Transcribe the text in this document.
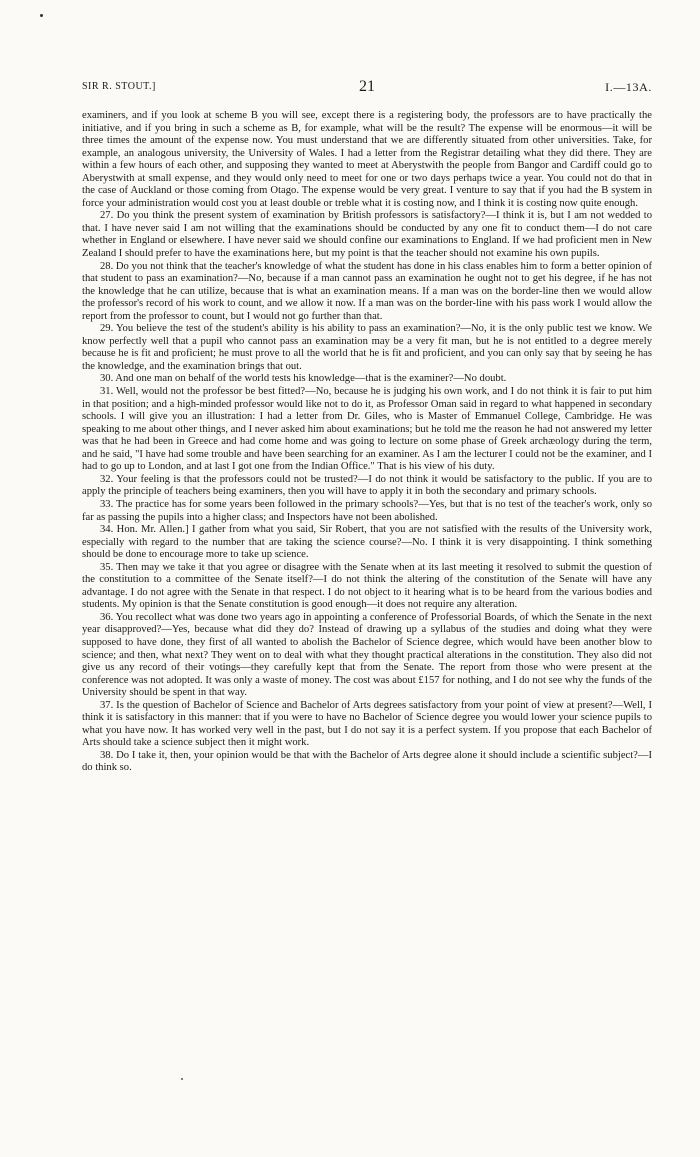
SIR R. STOUT.]	21	I.—13A.

examiners, and if you look at scheme B you will see, except there is a registering body, the professors are to have practically the initiative, and if you bring in such a scheme as B, for example, what will be the result? The expense will be enormous—it will be three times the amount of the expense now. You must understand that we are differently situated from other universities. Take, for example, an analogous university, the University of Wales. I had a letter from the Registrar detailing what they did there. They are within a few hours of each other, and supposing they wanted to meet at Aberystwith the people from Bangor and Cardiff could go to Aberystwith at small expense, and they would only need to meet for one or two days perhaps twice a year. You could not do that in the case of Auckland or those coming from Otago. The expense would be very great. I venture to say that if you had the B system in force your administration would cost you at least double or treble what it is costing now, and I think it is costing now quite enough.

27. Do you think the present system of examination by British professors is satisfactory?—I think it is, but I am not wedded to that. I have never said I am not willing that the examinations should be conducted by any one fit to conduct them—I do not care whether in England or elsewhere. I have never said we should confine our examinations to England. If we had proficient men in New Zealand I should prefer to have the examinations here, but my point is that the teacher should not examine his own pupils.

28. Do you not think that the teacher's knowledge of what the student has done in his class enables him to form a better opinion of that student to pass an examination?—No, because if a man cannot pass an examination he ought not to get his degree, if he has not the knowledge that he can utilize, because that is what an examination means. If a man was on the border-line then we would allow the professor's record of his work to count, and we allow it now. If a man was on the border-line with his pass work I would allow the report from the professor to count, but I would not go further than that.

29. You believe the test of the student's ability is his ability to pass an examination?—No, it is the only public test we know. We know perfectly well that a pupil who cannot pass an examination may be a very fit man, but he is not entitled to a degree merely because he is fit and proficient; he must prove to all the world that he is fit and proficient, and you can only say that by seeing he has the knowledge, and the examination brings that out.

30. And one man on behalf of the world tests his knowledge—that is the examiner?—No doubt.

31. Well, would not the professor be best fitted?—No, because he is judging his own work, and I do not think it is fair to put him in that position; and a high-minded professor would like not to do it, as Professor Oman said in regard to what happened in secondary schools. I will give you an illustration: I had a letter from Dr. Giles, who is Master of Emmanuel College, Cambridge. He was speaking to me about other things, and I never asked him about examinations; but he told me the reason he had not answered my letter was that he had been in Greece and had come home and was going to lecture on some phase of Greek archæology during the term, and he said, "I have had some trouble and have been searching for an examiner. As I am the lecturer I could not be the examiner, and I had to go up to London, and at last I got one from the Indian Office." That is his view of his duty.

32. Your feeling is that the professors could not be trusted?—I do not think it would be satisfactory to the public. If you are to apply the principle of teachers being examiners, then you will have to apply it in both the secondary and primary schools.

33. The practice has for some years been followed in the primary schools?—Yes, but that is no test of the teacher's work, only so far as passing the pupils into a higher class; and Inspectors have not been abolished.

34. Hon. Mr. Allen.] I gather from what you said, Sir Robert, that you are not satisfied with the results of the University work, especially with regard to the number that are taking the science course?—No. I think it is very disappointing. I think something should be done to encourage more to take up science.

35. Then may we take it that you agree or disagree with the Senate when at its last meeting it resolved to submit the question of the constitution to a committee of the Senate itself?—I do not think the altering of the constitution of the Senate will have any advantage. I do not agree with the Senate in that respect. I do not object to it hearing what is to be heard from the various bodies and students. My opinion is that the Senate constitution is good enough—it does not require any alteration.

36. You recollect what was done two years ago in appointing a conference of Professorial Boards, of which the Senate in the next year disapproved?—Yes, because what did they do? Instead of drawing up a syllabus of the studies and doing what they were supposed to have done, they first of all wanted to abolish the Bachelor of Science degree, which would have been another blow to science; and then, what next? They went on to deal with what they thought practical alterations in the constitution. They also did not give us any record of their votings—they carefully kept that from the Senate. The report from those who were present at the conference was not adopted. It was only a waste of money. The cost was about £157 for nothing, and I do not see why the funds of the University should be spent in that way.

37. Is the question of Bachelor of Science and Bachelor of Arts degrees satisfactory from your point of view at present?—Well, I think it is satisfactory in this manner: that if you were to have no Bachelor of Science degree you would lower your science pupils to what you have now. It has worked very well in the past, but I do not say it is a perfect system. If you propose that each Bachelor of Arts should take a science subject then it might work.

38. Do I take it, then, your opinion would be that with the Bachelor of Arts degree alone it should include a scientific subject?—I do think so.
